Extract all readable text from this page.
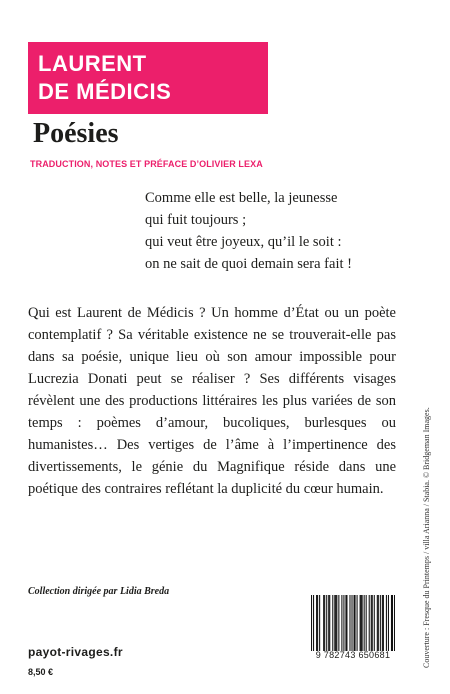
LAURENT
DE MÉDICIS
Poésies
TRADUCTION, NOTES ET PRÉFACE D’OLIVIER LEXA
Comme elle est belle, la jeunesse
qui fuit toujours ;
qui veut être joyeux, qu’il le soit :
on ne sait de quoi demain sera fait !
Qui est Laurent de Médicis ? Un homme d’État ou un poète contemplatif ? Sa véritable existence ne se trouverait-elle pas dans sa poésie, unique lieu où son amour impossible pour Lucrezia Donati peut se réaliser ? Ses différents visages révèlent une des productions littéraires les plus variées de son temps : poèmes d’amour, bucoliques, burlesques ou humanistes… Des vertiges de l’âme à l’impertinence des divertissements, le génie du Magnifique réside dans une poétique des contraires reflétant la duplicité du cœur humain.
Collection dirigée par Lidia Breda
payot-rivages.fr
8,50 €
Couverture : Fresque du Printemps / villa Arianna / Stabia. © Bridgeman Images.
9 782743 650681
